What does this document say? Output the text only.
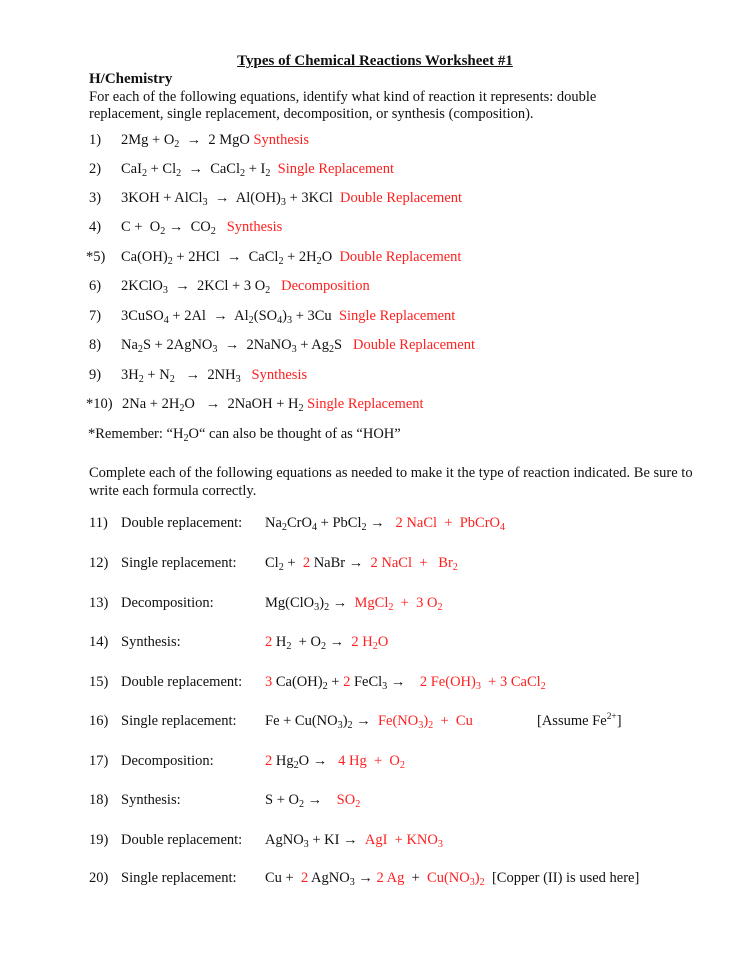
Types of Chemical Reactions Worksheet #1
H/Chemistry
For each of the following equations, identify what kind of reaction it represents: double
replacement, single replacement, decomposition, or synthesis (composition).
1) $2Mg + O_2 \to 2$ MgO Synthesis
2) $CaI_2 + Cl_2$  →  CaCl$_2$ + $I_2$ Single Replacement
3) 3KOH + AlCl$_3$  →  $Al(OH)_3 + 3KCl$  Double Replacement
4) $C + O_2 \to CO_2$ Synthesis
*5) $Ca(OH)_2 + 2HCl$  →  CaCl$_2$ + $2H_2O$  Double Replacement
6) 2KClO$_3$  →  2KCl + 3 $O_2$ Decomposition
7) 3CuSO$_4$ + $2Al \to Al_2(SO_4)_3 + 3Cu$  Single Replacement
8) $Na_2S$ + 2AgNO$_3$  →  2NaNO$_3$ + $Ag_2S$   Double Replacement
9) $3H_2 + N_2 \to 2NH_3$ Synthesis
*10) $2Na + 2H_2O$   →  2NaOH + $H_2$ Single Replacement
*Remember: “$H_2O“$ can also be thought of as “HOH”
Complete each of the following equations as needed to make it the type of reaction indicated. Be sure to
write each formula correctly.
11) Double replacement: $Na_2CrO_4$ + PbCl$_2$ →   2 NaCl  +  PbCrO$_4$
12) Single replacement: $Cl_2 + 2$ NaBr →  2 NaCl  +   $Br_2$
13) Decomposition:	$Mg(ClO_3)_2$ →  MgCl$_2$  +  3 $O_2$
14) Synthesis:	2 $H_2 + O_2 \to 2$ $H_2O$
15) Double replacement: 3 $Ca(OH)_2 + 2$ FeCl$_3$ →    2 $Fe(OH)_3 + 3$ CaCl$_2$
16) Single replacement: $Fe + Cu(NO_3)_2 \to Fe(NO_3)_2 + Cu$	[Assume $Fe^{2+}$]
17) Decomposition:	2 $Hg_2O \to 4$ $Hg + O_2$
18) Synthesis:	$S + O_2$ →    $SO_2$
19) Double replacement: AgNO$_3$ + KI →  AgI  + $KNO_3$
20) Single replacement: Cu +  2 AgNO$_3$ → 2 $Ag + Cu(NO_3)_2$ [Copper (II) is used here]
